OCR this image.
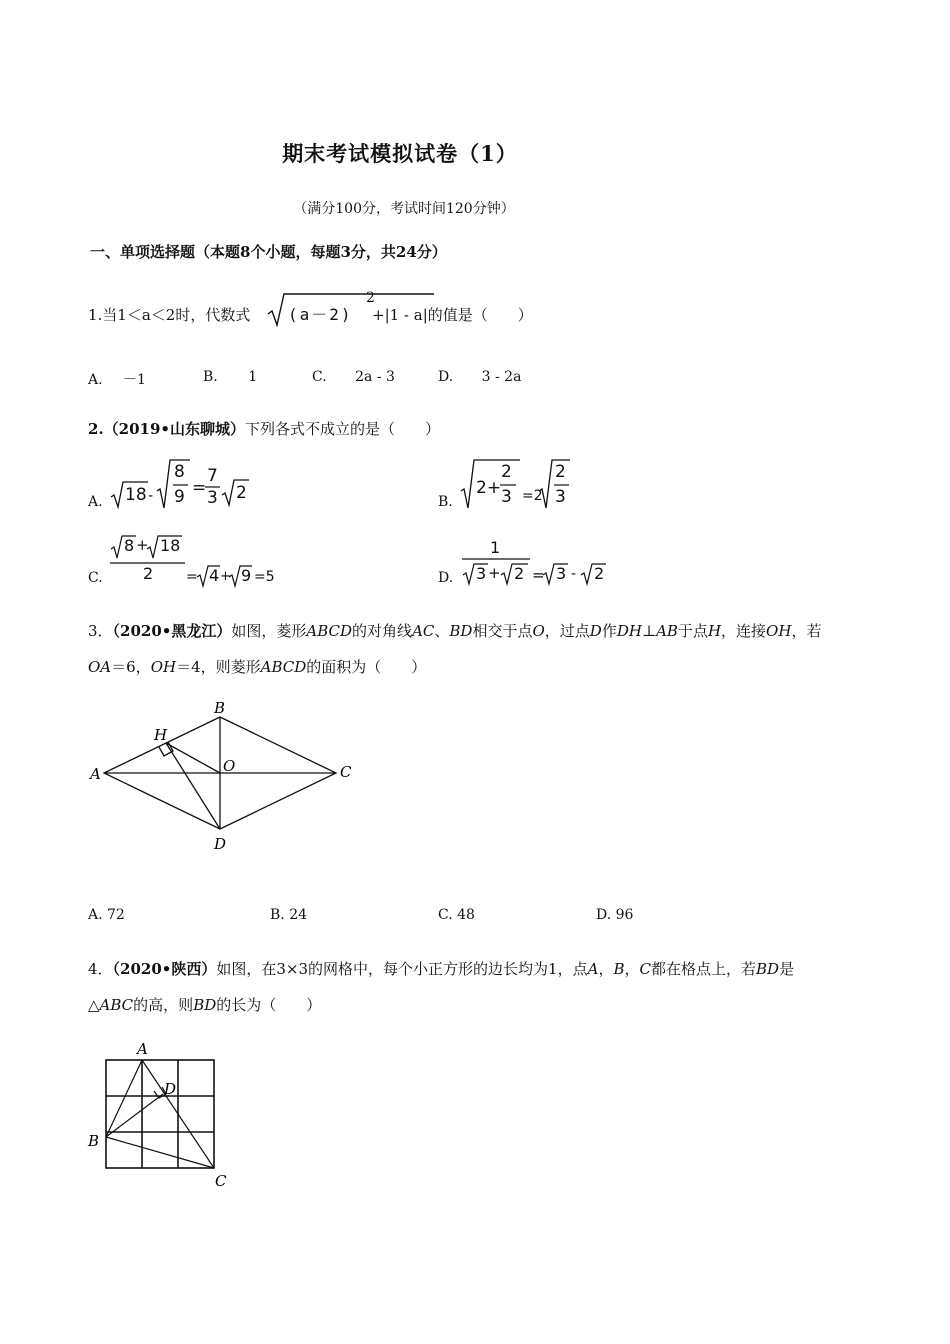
期末考试模拟试卷（1）
（满分100分，考试时间120分钟）
一、单项选择题（本题8个小题，每题3分，共24分）
1.当1＜a＜2时，代数式 (a－2)
2
+|1 - a|的值是（　　）
A. －1	B. 1	C. 2a - 3	D. 3 - 2a
2.（2019•山东聊城）下列各式不成立的是（　　）
A. 18 -
8
9 =
7
3 2	B.
2+
2
3 =2
2
3
C.
8 + 18
2 = 4 + 9 =5	D.
1
3 + 2 = 3 - 2
3．（2020•黑龙江）如图，菱形ABCD的对角线AC、BD相交于点O，过点D作DH⊥AB于点H，连接OH，若
OA＝6，OH＝4，则菱形ABCD的面积为（　　）
A
B
C
D
H
O
A. 72	B. 24	C. 48	D. 96
4．（2020•陕西）如图，在3×3的网格中，每个小正方形的边长均为1，点A，B，C都在格点上，若BD是
△ABC的高，则BD的长为（　　）
A
B
C
D
